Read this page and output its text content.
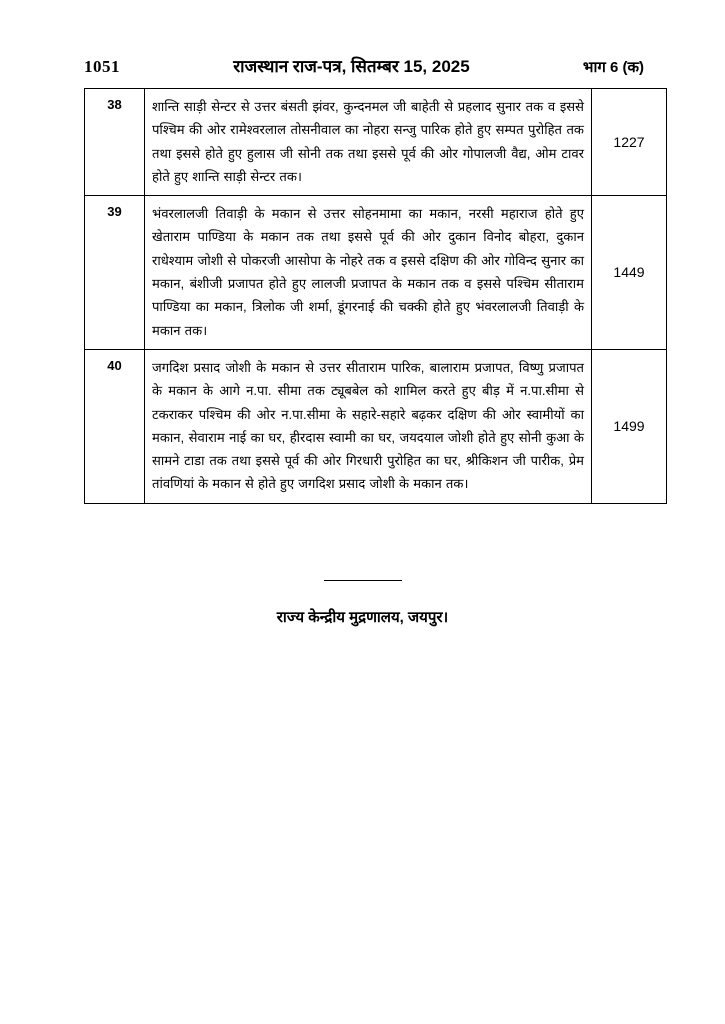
1051	राजस्थान राज-पत्र, सितम्बर 15, 2025	भाग 6 (क)
38	शान्ति साड़ी सेन्टर से उत्तर बंसती झंवर, कुन्दनमल जी बाहेती से प्रहलाद सुनार तक व इससे पश्चिम की ओर रामेश्वरलाल तोसनीवाल का नोहरा सन्जु पारिक होते हुए सम्पत पुरोहित तक तथा इससे होते हुए हुलास जी सोनी तक तथा इससे पूर्व की ओर गोपालजी वैद्य, ओम टावर होते हुए शान्ति साड़ी सेन्टर तक।	1227
39	भंवरलालजी तिवाड़ी के मकान से उत्तर सोहनमामा का मकान, नरसी महाराज होते हुए खेताराम पाण्डिया के मकान तक तथा इससे पूर्व की ओर दुकान विनोद बोहरा, दुकान राधेश्याम जोशी से पोकरजी आसोपा के नोहरे तक व इससे दक्षिण की ओर गोविन्द सुनार का मकान, बंशीजी प्रजापत होते हुए लालजी प्रजापत के मकान तक व इससे पश्चिम सीताराम पाण्डिया का मकान, त्रिलोक जी शर्मा, डूंगरनाई की चक्की होते हुए भंवरलालजी तिवाड़ी के मकान तक।	1449
40	जगदिश प्रसाद जोशी के मकान से उत्तर सीताराम पारिक, बालाराम प्रजापत, विष्णु प्रजापत के मकान के आगे न.पा. सीमा तक ट्यूबबेल को शामिल करते हुए बीड़ में न.पा.सीमा से टकराकर पश्चिम की ओर न.पा.सीमा के सहारे-सहारे बढ़कर दक्षिण की ओर स्वामीयों का मकान, सेवाराम नाई का घर, हीरदास स्वामी का घर, जयदयाल जोशी होते हुए सोनी कुआ के सामने टाडा तक तथा इससे पूर्व की ओर गिरधारी पुरोहित का घर, श्रीकिशन जी पारीक, प्रेम तांवणियां के मकान से होते हुए जगदिश प्रसाद जोशी के मकान तक।	1499
राज्य केन्द्रीय मुद्रणालय, जयपुर।
